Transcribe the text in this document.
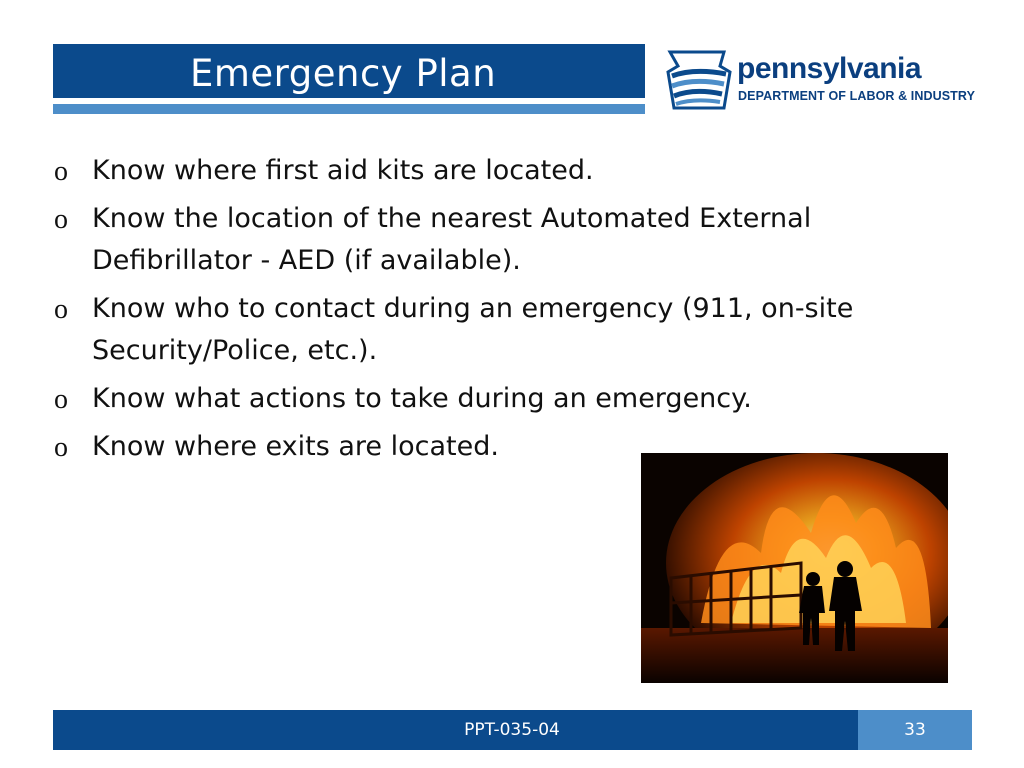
Emergency Plan	pennsylvania
DEPARTMENT OF LABOR & INDUSTRY
o Know where first aid kits are located.
o Know the location of the nearest Automated External Defibrillator - AED (if available).
o Know who to contact during an emergency (911, on-site Security/Police, etc.).
o Know what actions to take during an emergency.
o Know where exits are located.
PPT-035-04	33
